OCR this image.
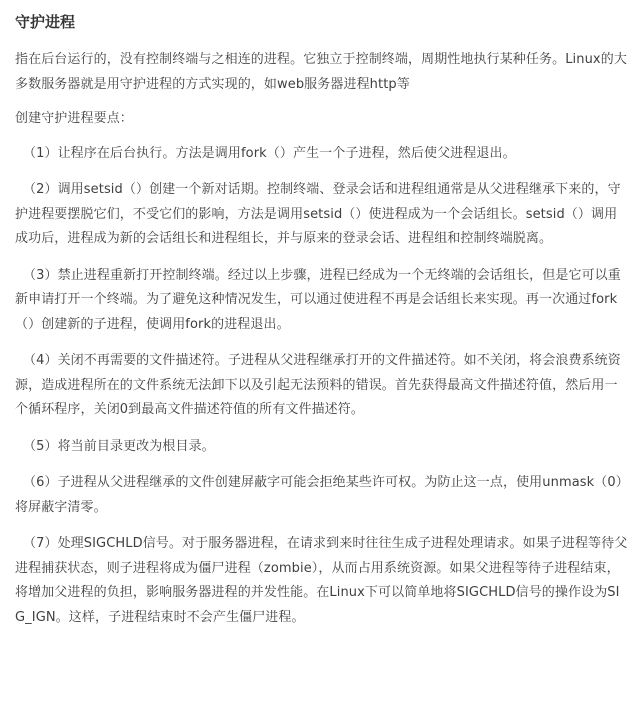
守护进程

指在后台运行的，没有控制终端与之相连的进程。它独立于控制终端，周期性地执行某种任务。Linux的大多数服务器就是用守护进程的方式实现的，如web服务器进程http等

创建守护进程要点：

（1）让程序在后台执行。方法是调用fork（）产生一个子进程，然后使父进程退出。

（2）调用setsid（）创建一个新对话期。控制终端、登录会话和进程组通常是从父进程继承下来的，守护进程要摆脱它们，不受它们的影响，方法是调用setsid（）使进程成为一个会话组长。setsid（）调用成功后，进程成为新的会话组长和进程组长，并与原来的登录会话、进程组和控制终端脱离。

（3）禁止进程重新打开控制终端。经过以上步骤，进程已经成为一个无终端的会话组长，但是它可以重新申请打开一个终端。为了避免这种情况发生，可以通过使进程不再是会话组长来实现。再一次通过fork（）创建新的子进程，使调用fork的进程退出。

（4）关闭不再需要的文件描述符。子进程从父进程继承打开的文件描述符。如不关闭，将会浪费系统资源，造成进程所在的文件系统无法卸下以及引起无法预料的错误。首先获得最高文件描述符值，然后用一个循环程序，关闭0到最高文件描述符值的所有文件描述符。

（5）将当前目录更改为根目录。

（6）子进程从父进程继承的文件创建屏蔽字可能会拒绝某些许可权。为防止这一点，使用unmask（0）将屏蔽字清零。

（7）处理SIGCHLD信号。对于服务器进程，在请求到来时往往生成子进程处理请求。如果子进程等待父进程捕获状态，则子进程将成为僵尸进程（zombie），从而占用系统资源。如果父进程等待子进程结束，将增加父进程的负担，影响服务器进程的并发性能。在Linux下可以简单地将SIGCHLD信号的操作设为SIG_IGN。这样，子进程结束时不会产生僵尸进程。
